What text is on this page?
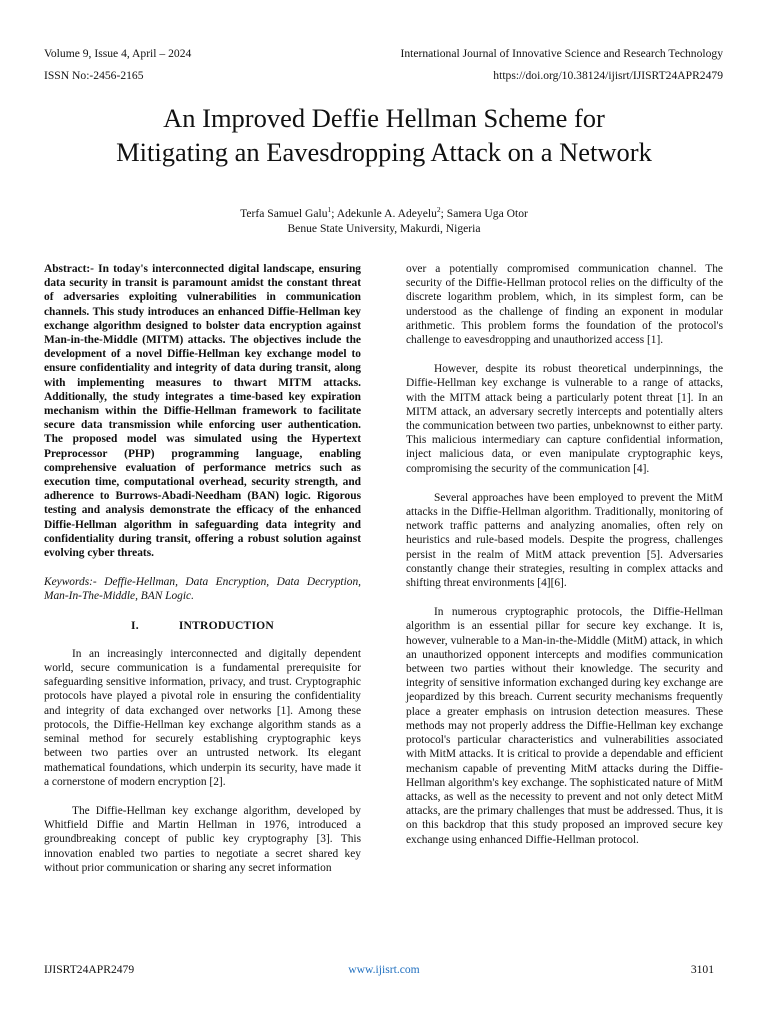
Volume 9, Issue 4, April – 2024
ISSN No:-2456-2165
International Journal of Innovative Science and Research Technology
https://doi.org/10.38124/ijisrt/IJISRT24APR2479
An Improved Deffie Hellman Scheme for
Mitigating an Eavesdropping Attack on a Network
Terfa Samuel Galu$^1$; Adekunle A. Adeyelu$^2$; Samera Uga Otor
Benue State University, Makurdi, Nigeria

Abstract:- In today's interconnected digital landscape, ensuring data security in transit is paramount amidst the constant threat of adversaries exploiting vulnerabilities in communication channels. This study introduces an enhanced Diffie-Hellman key exchange algorithm designed to bolster data encryption against Man-in-the-Middle (MITM) attacks. The objectives include the development of a novel Diffie-Hellman key exchange model to ensure confidentiality and integrity of data during transit, along with implementing measures to thwart MITM attacks. Additionally, the study integrates a time-based key expiration mechanism within the Diffie-Hellman framework to facilitate secure data transmission while enforcing user authentication. The proposed model was simulated using the Hypertext Preprocessor (PHP) programming language, enabling comprehensive evaluation of performance metrics such as execution time, computational overhead, security strength, and adherence to Burrows-Abadi-Needham (BAN) logic. Rigorous testing and analysis demonstrate the efficacy of the enhanced Diffie-Hellman algorithm in safeguarding data integrity and confidentiality during transit, offering a robust solution against evolving cyber threats.

Keywords:- Deffie-Hellman, Data Encryption, Data Decryption, Man-In-The-Middle, BAN Logic.

I.	INTRODUCTION

In an increasingly interconnected and digitally dependent world, secure communication is a fundamental prerequisite for safeguarding sensitive information, privacy, and trust. Cryptographic protocols have played a pivotal role in ensuring the confidentiality and integrity of data exchanged over networks [1]. Among these protocols, the Diffie-Hellman key exchange algorithm stands as a seminal method for securely establishing cryptographic keys between two parties over an untrusted network. Its elegant mathematical foundations, which underpin its security, have made it a cornerstone of modern encryption [2].

The Diffie-Hellman key exchange algorithm, developed by Whitfield Diffie and Martin Hellman in 1976, introduced a groundbreaking concept of public key cryptography [3]. This innovation enabled two parties to negotiate a secret shared key without prior communication or sharing any secret information

over a potentially compromised communication channel. The security of the Diffie-Hellman protocol relies on the difficulty of the discrete logarithm problem, which, in its simplest form, can be understood as the challenge of finding an exponent in modular arithmetic. This problem forms the foundation of the protocol's challenge to eavesdropping and unauthorized access [1].

However, despite its robust theoretical underpinnings, the Diffie-Hellman key exchange is vulnerable to a range of attacks, with the MITM attack being a particularly potent threat [1]. In an MITM attack, an adversary secretly intercepts and potentially alters the communication between two parties, unbeknownst to either party. This malicious intermediary can capture confidential information, inject malicious data, or even manipulate cryptographic keys, compromising the security of the communication [4].

Several approaches have been employed to prevent the MitM attacks in the Diffie-Hellman algorithm. Traditionally, monitoring of network traffic patterns and analyzing anomalies, often rely on heuristics and rule-based models. Despite the progress, challenges persist in the realm of MitM attack prevention [5]. Adversaries constantly change their strategies, resulting in complex attacks and shifting threat environments [4][6].

In numerous cryptographic protocols, the Diffie-Hellman algorithm is an essential pillar for secure key exchange. It is, however, vulnerable to a Man-in-the-Middle (MitM) attack, in which an unauthorized opponent intercepts and modifies communication between two parties without their knowledge. The security and integrity of sensitive information exchanged during key exchange are jeopardized by this breach. Current security mechanisms frequently place a greater emphasis on intrusion detection measures. These methods may not properly address the Diffie-Hellman key exchange protocol's particular characteristics and vulnerabilities associated with MitM attacks. It is critical to provide a dependable and efficient mechanism capable of preventing MitM attacks during the Diffie-Hellman algorithm's key exchange. The sophisticated nature of MitM attacks, as well as the necessity to prevent and not only detect MitM attacks, are the primary challenges that must be addressed. Thus, it is on this backdrop that this study proposed an improved secure key exchange using enhanced Diffie-Hellman protocol.

IJISRT24APR2479	www.ijisrt.com	3101
